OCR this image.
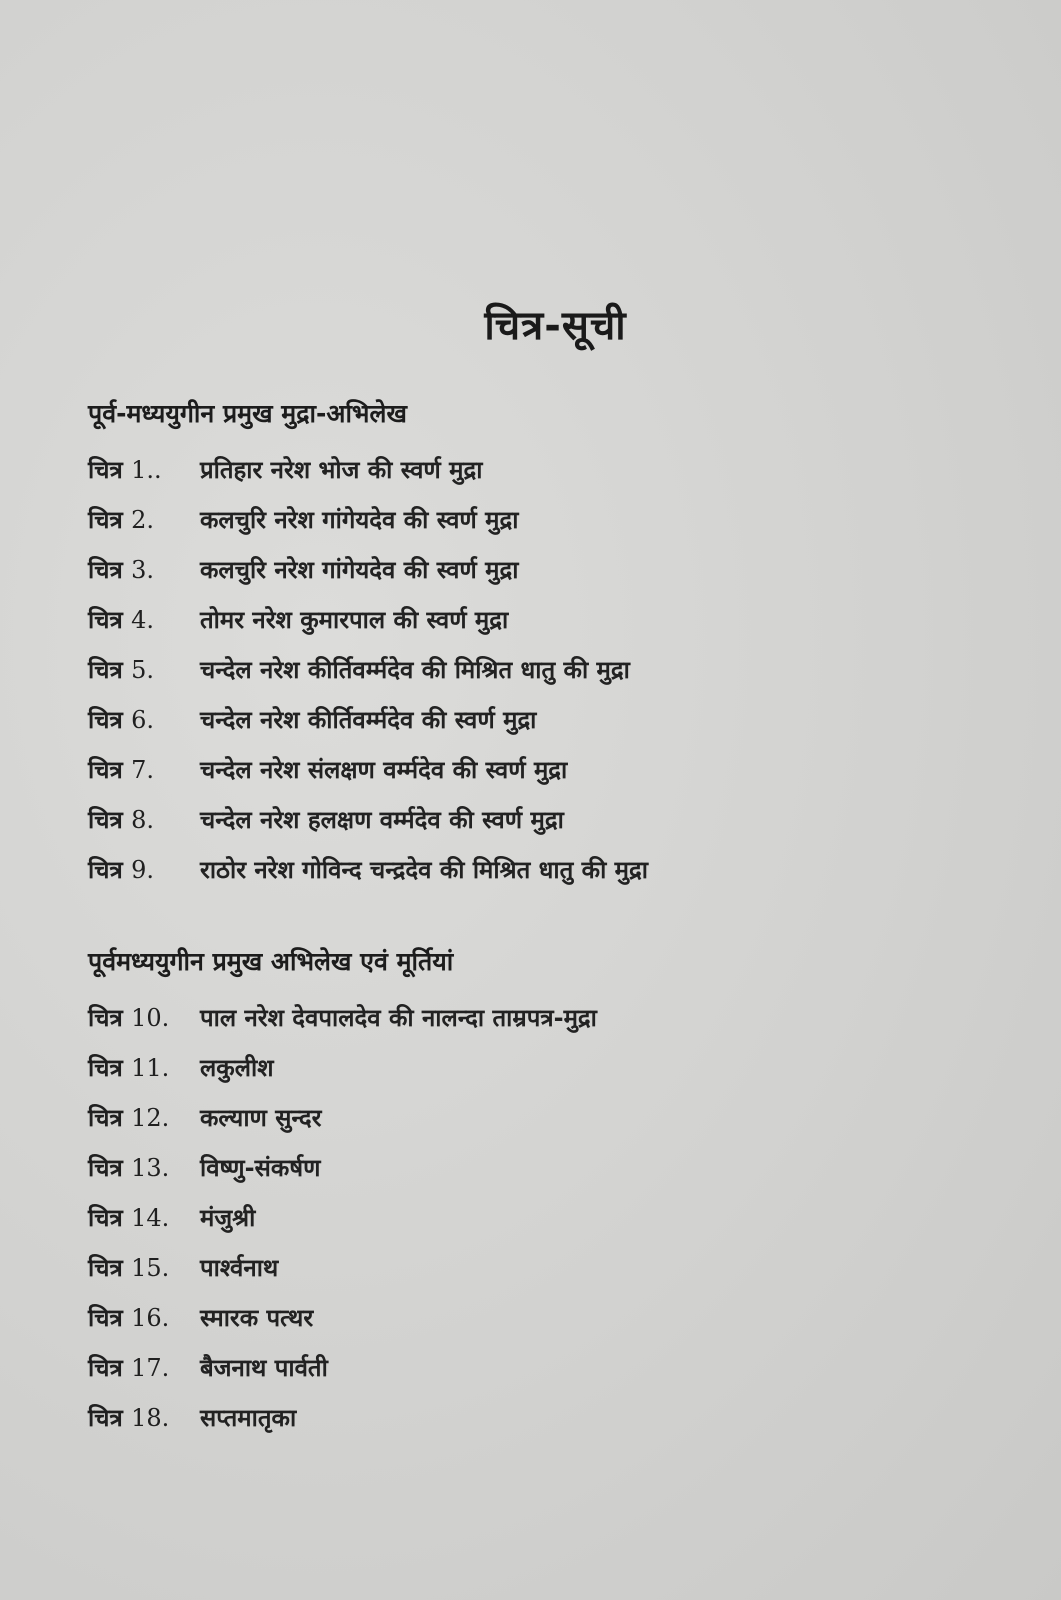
चित्र-सूची
पूर्व-मध्ययुगीन प्रमुख मुद्रा-अभिलेख
चित्र 1.. प्रतिहार नरेश भोज की स्वर्ण मुद्रा
चित्र 2. कलचुरि नरेश गांगेयदेव की स्वर्ण मुद्रा
चित्र 3. कलचुरि नरेश गांगेयदेव की स्वर्ण मुद्रा
चित्र 4. तोमर नरेश कुमारपाल की स्वर्ण मुद्रा
चित्र 5. चन्देल नरेश कीर्तिवर्म्मदेव की मिश्रित धातु की मुद्रा
चित्र 6. चन्देल नरेश कीर्तिवर्म्मदेव की स्वर्ण मुद्रा
चित्र 7. चन्देल नरेश संलक्षण वर्म्मदेव की स्वर्ण मुद्रा
चित्र 8. चन्देल नरेश हलक्षण वर्म्मदेव की स्वर्ण मुद्रा
चित्र 9. राठोर नरेश गोविन्द चन्द्रदेव की मिश्रित धातु की मुद्रा
पूर्वमध्ययुगीन प्रमुख अभिलेख एवं मूर्तियां
चित्र 10. पाल नरेश देवपालदेव की नालन्दा ताम्रपत्र-मुद्रा
चित्र 11. लकुलीश
चित्र 12. कल्याण सुन्दर
चित्र 13. विष्णु-संकर्षण
चित्र 14. मंजुश्री
चित्र 15. पार्श्वनाथ
चित्र 16. स्मारक पत्थर
चित्र 17. बैजनाथ पार्वती
चित्र 18. सप्तमातृका
